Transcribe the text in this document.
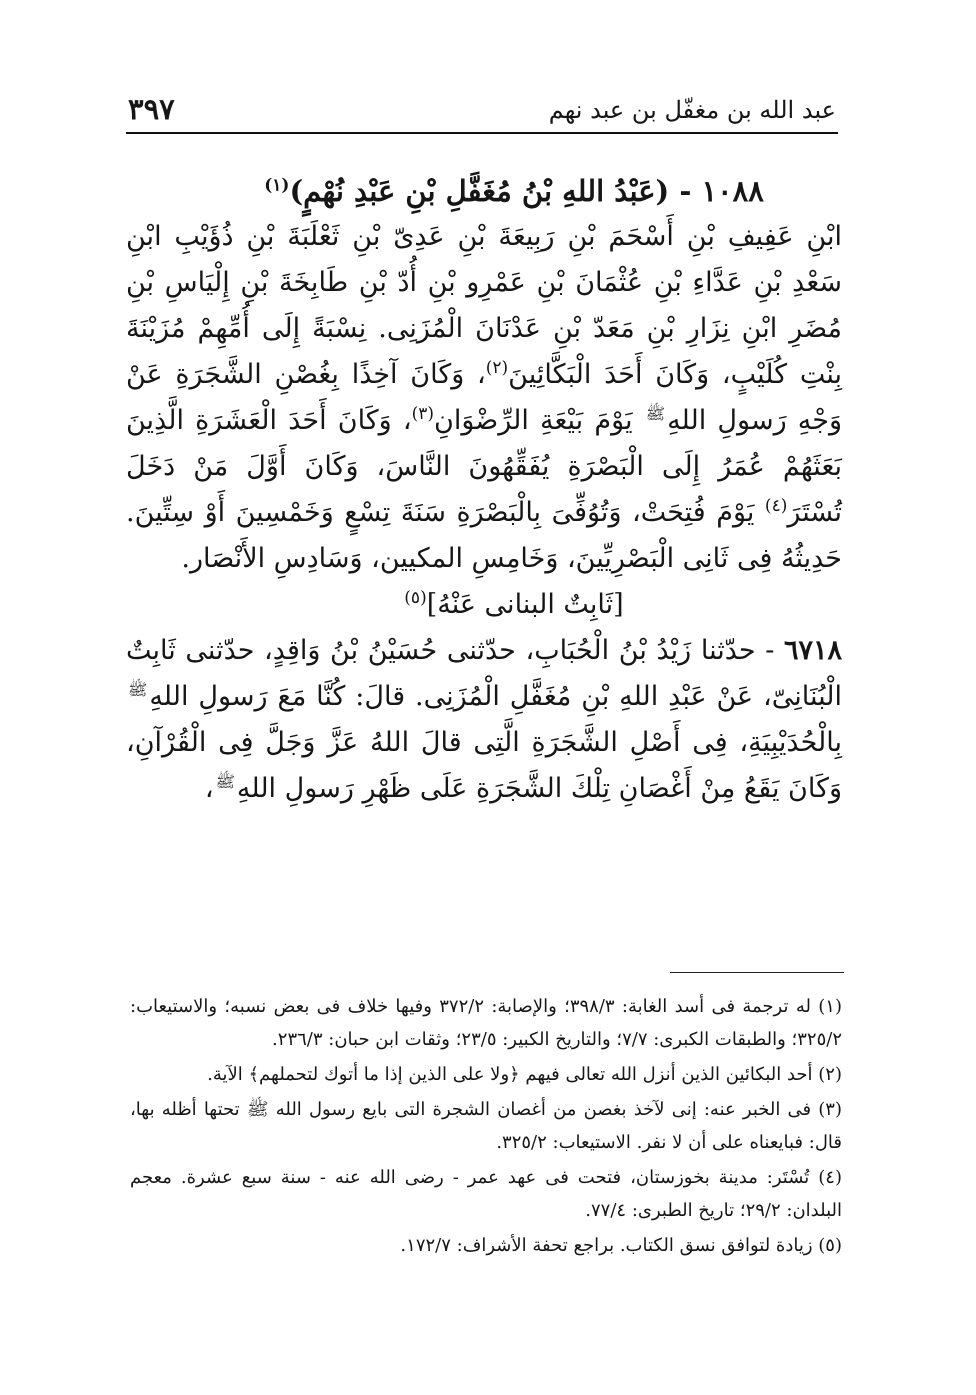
عبد الله بن مغفّل بن عبد نهم
٣٩٧

١٠٨٨ - (عَبْدُ اللهِ بْنُ مُغَفَّلِ بْنِ عَبْدِ نُهْمٍ)$^{(١)}$

ابْنِ عَفِيفِ بْنِ أَسْحَمَ بْنِ رَبِيعَةَ بْنِ عَدِىّ بْنِ ثَعْلَبَةَ بْنِ ذُؤَيْبِ ابْنِ سَعْدِ بْنِ عَدَّاءِ بْنِ عُثْمَانَ بْنِ عَمْرِو بْنِ أُدّ بْنِ طَابِخَةَ بْنِ إِلْيَاسِ بْنِ مُضَرِ ابْنِ نِزَارِ بْنِ مَعَدّ بْنِ عَدْنَانَ الْمُزَنِى. نِسْبَةً إِلَى أُمِّهِمْ مُزَيْنَةَ بِنْتِ كُلَيْبٍ، وَكَانَ أَحَدَ الْبَكَّائِينَ$^{(٢)}$، وَكَانَ آخِذًا بِغُصْنِ الشَّجَرَةِ عَنْ وَجْهِ رَسولِ اللهِﷺ يَوْمَ بَيْعَةِ الرِّضْوَانِ$^{(٣)}$، وَكَانَ أَحَدَ الْعَشَرَةِ الَّذِينَ بَعَثَهُمْ عُمَرُ إِلَى الْبَصْرَةِ يُفَقِّهُونَ النَّاسَ، وَكَانَ أَوَّلَ مَنْ دَخَلَ تُسْتَرَ$^{(٤)}$ يَوْمَ فُتِحَتْ، وَتُوُفِّىَ بِالْبَصْرَةِ سَنَةَ تِسْعٍ وَخَمْسِينَ أَوْ سِتِّينَ. حَدِيثُهُ فِى ثَانِى الْبَصْرِيِّينَ، وَخَامِسِ المكيين، وَسَادِسِ الأَنْصَار.

[ثَابِتٌ البنانى عَنْهُ]$^{(٥)}$

٦٧١٨ - حدّثنا زَيْدُ بْنُ الْحُبَابِ، حدّثنى حُسَيْنُ بْنُ وَاقِدٍ، حدّثنى ثَابِتٌ الْبُنَانِىّ، عَنْ عَبْدِ اللهِ بْنِ مُغَفَّلِ الْمُزَنِى. قالَ: كُنَّا مَعَ رَسولِ اللهِﷺ بِالْحُدَيْبِيَةِ، فِى أَصْلِ الشَّجَرَةِ الَّتِى قالَ اللهُ عَزَّ وَجَلَّ فِى الْقُرْآنِ، وَكَانَ يَقَعُ مِنْ أَغْصَانِ تِلْكَ الشَّجَرَةِ عَلَى ظَهْرِ رَسولِ اللهِﷺ،

(١) له ترجمة فى أسد الغابة: ٣٩٨/٣؛ والإصابة: ٣٧٢/٢ وفيها خلاف فى بعض نسبه؛ والاستيعاب: ٣٢٥/٢؛ والطبقات الكبرى: ٧/٧؛ والتاريخ الكبير: ٢٣/٥؛ وثقات ابن حبان: ٢٣٦/٣.

(٢) أحد البكائين الذين أنزل الله تعالى فيهم ﴿ولا على الذين إذا ما أتوك لتحملهم﴾ الآية.

(٣) فى الخبر عنه: إنى لآخذ بغصن من أغصان الشجرة التى بايع رسول الله ﷺ تحتها أظله بها، قال: فبايعناه على أن لا نفر. الاستيعاب: ٣٢٥/٢.

(٤) تُسْتَر: مدينة بخوزستان، فتحت فى عهد عمر - رضى الله عنه - سنة سبع عشرة. معجم البلدان: ٢٩/٢؛ تاريخ الطبرى: ٧٧/٤.

(٥) زيادة لتوافق نسق الكتاب. براجع تحفة الأشراف: ١٧٢/٧.
